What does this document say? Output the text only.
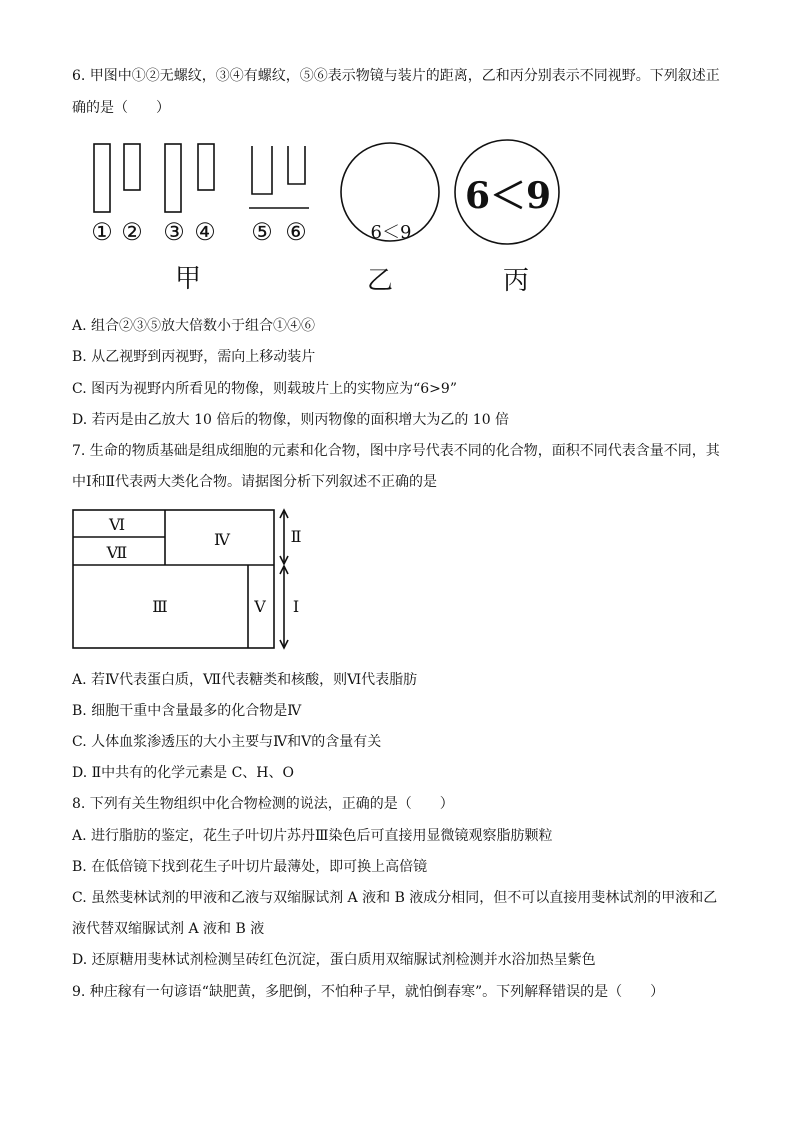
6. 甲图中①②无螺纹，③④有螺纹，⑤⑥表示物镜与装片的距离，乙和丙分别表示不同视野。下列叙述正
确的是（　　）
① ② ③ ④ ⑤ ⑥
甲	乙	丙
6＜9
6＜9
A. 组合②③⑤放大倍数小于组合①④⑥
B. 从乙视野到丙视野，需向上移动装片
C. 图丙为视野内所看见的物像，则载玻片上的实物应为“6>9”
D. 若丙是由乙放大 10 倍后的物像，则丙物像的面积增大为乙的 10 倍
7. 生命的物质基础是组成细胞的元素和化合物，图中序号代表不同的化合物，面积不同代表含量不同，其
中Ⅰ和Ⅱ代表两大类化合物。请据图分析下列叙述不正确的是
Ⅵ
Ⅶ
Ⅳ
Ⅲ	Ⅴ
Ⅱ
Ⅰ
A. 若Ⅳ代表蛋白质，Ⅶ代表糖类和核酸，则Ⅵ代表脂肪
B. 细胞干重中含量最多的化合物是Ⅳ
C. 人体血浆渗透压的大小主要与Ⅳ和Ⅴ的含量有关
D. Ⅱ中共有的化学元素是 C、H、O
8. 下列有关生物组织中化合物检测的说法，正确的是（　　）
A. 进行脂肪的鉴定，花生子叶切片苏丹Ⅲ染色后可直接用显微镜观察脂肪颗粒
B. 在低倍镜下找到花生子叶切片最薄处，即可换上高倍镜
C. 虽然斐林试剂的甲液和乙液与双缩脲试剂 A 液和 B 液成分相同，但不可以直接用斐林试剂的甲液和乙
液代替双缩脲试剂 A 液和 B 液
D. 还原糖用斐林试剂检测呈砖红色沉淀，蛋白质用双缩脲试剂检测并水浴加热呈紫色
9. 种庄稼有一句谚语“缺肥黄，多肥倒，不怕种子早，就怕倒春寒”。下列解释错误的是（　　）
